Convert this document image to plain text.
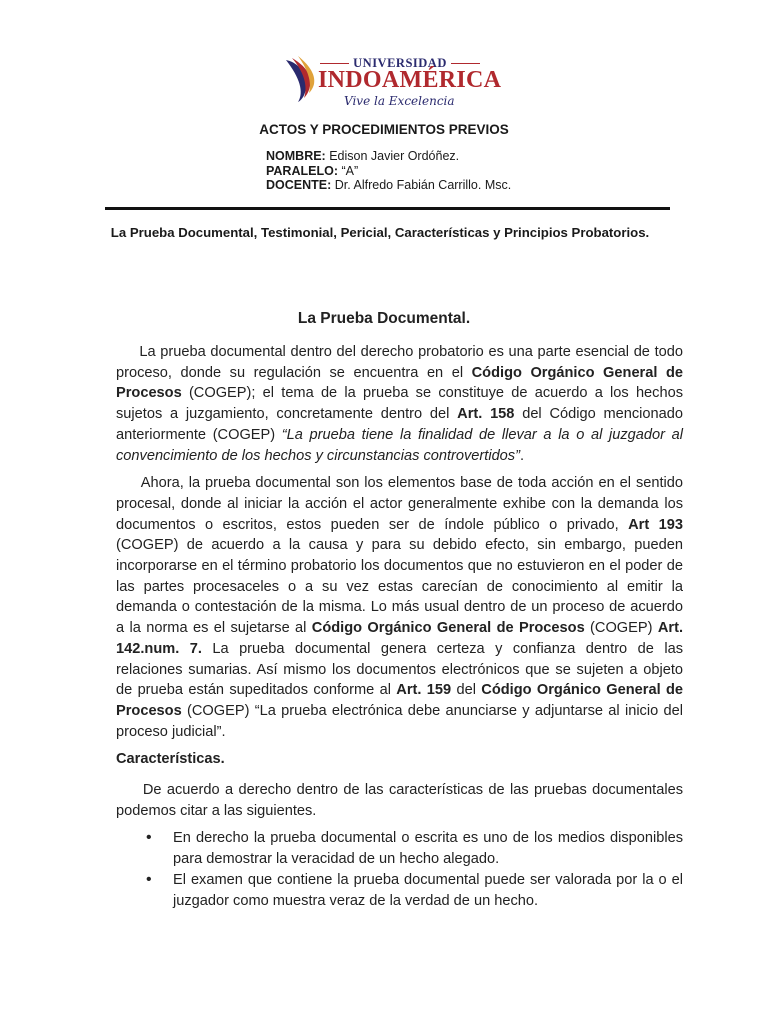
UNIVERSIDAD
INDOAMÉRICA
Vive la Excelencia
ACTOS Y PROCEDIMIENTOS PREVIOS
NOMBRE: Edison Javier Ordóñez.
PARALELO: “A”
DOCENTE: Dr. Alfredo Fabián Carrillo. Msc.
La Prueba Documental, Testimonial, Pericial, Características y Principios Probatorios.
La Prueba Documental.

La prueba documental dentro del derecho probatorio es una parte esencial de todo proceso, donde su regulación se encuentra en el Código Orgánico General de Procesos (COGEP); el tema de la prueba se constituye de acuerdo a los hechos sujetos a juzgamiento, concretamente dentro del Art. 158 del Código mencionado anteriormente (COGEP) “La prueba tiene la finalidad de llevar a la o al juzgador al convencimiento de los hechos y circunstancias controvertidos”.

Ahora, la prueba documental son los elementos base de toda acción en el sentido procesal, donde al iniciar la acción el actor generalmente exhibe con la demanda los documentos o escritos, estos pueden ser de índole público o privado, Art 193 (COGEP) de acuerdo a la causa y para su debido efecto, sin embargo, pueden incorporarse en el término probatorio los documentos que no estuvieron en el poder de las partes procesaceles o a su vez estas carecían de conocimiento al emitir la demanda o contestación de la misma. Lo más usual dentro de un proceso de acuerdo a la norma es el sujetarse al Código Orgánico General de Procesos (COGEP) Art. 142.num. 7. La prueba documental genera certeza y confianza dentro de las relaciones sumarias. Así mismo los documentos electrónicos que se sujeten a objeto de prueba están supeditados conforme al Art. 159 del Código Orgánico General de Procesos (COGEP) “La prueba electrónica debe anunciarse y adjuntarse al inicio del proceso judicial”.

Características.

De acuerdo a derecho dentro de las características de las pruebas documentales podemos citar a las siguientes.

• En derecho la prueba documental o escrita es uno de los medios disponibles para demostrar la veracidad de un hecho alegado.
• El examen que contiene la prueba documental puede ser valorada por la o el juzgador como muestra veraz de la verdad de un hecho.
